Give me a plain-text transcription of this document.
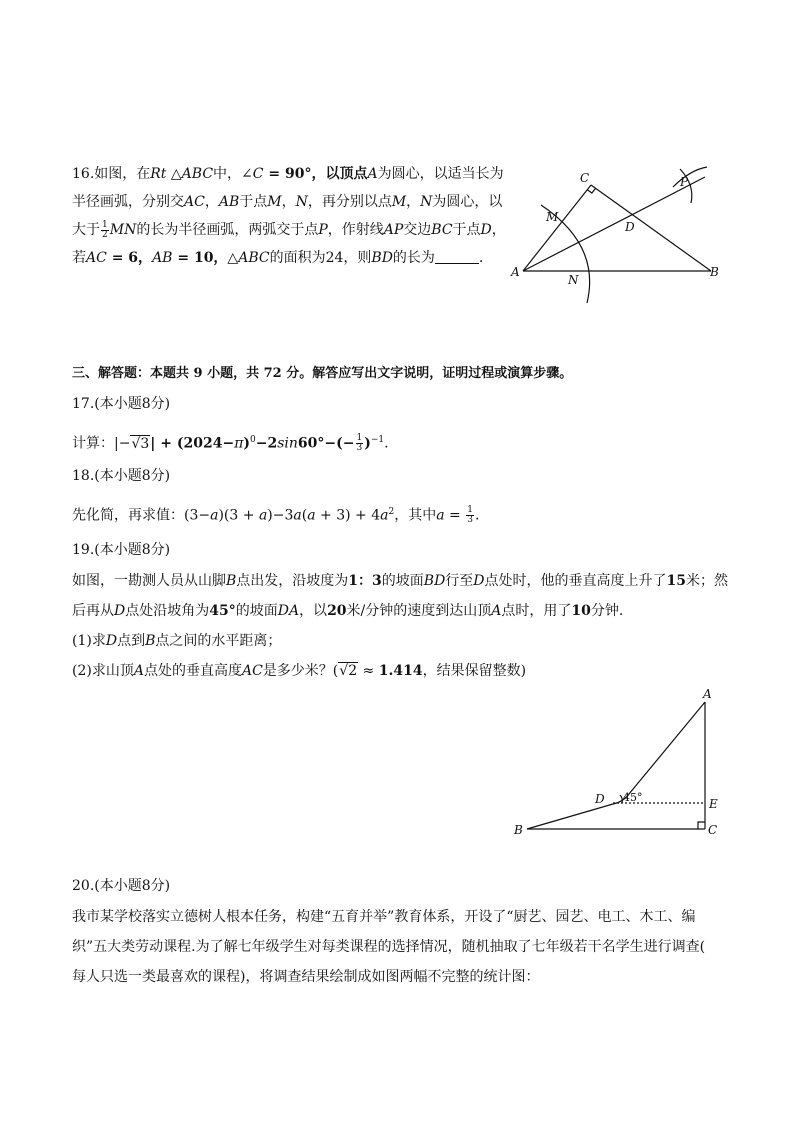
16.如图，在Rt △ABC中，∠C = 90°，以顶点A为圆心，以适当长为

半径画弧，分别交AC，AB于点M，N，再分别以点M，N为圆心，以

大于 $\frac{1}{2}$ MN的长为半径画弧，两弧交于点P，作射线AP交边BC于点D，

若AC = 6，AB = 10，△ABC的面积为24，则BD的长为	.

A	B
C
D
M
N
P
三、解答题：本题共 9 小题，共 72 分。解答应写出文字说明，证明过程或演算步骤。
17.(本小题8分)
计算：$|-√3| + (2024-\pi)^0-2\sin 60^\circ-(- \frac{1}{3} )^{-1}$.
18.(本小题8分)
先化简，再求值：$(3-a)(3 + a)-3a(a + 3) + 4a^2$，其中$a = \frac{1}{3}$ .
19.(本小题8分)

如图，一勘测人员从山脚B点出发，沿坡度为1：3的坡面BD行至D点处时，他的垂直高度上升了15米；然

后再从D点处沿坡角为45°的坡面DA，以20米/分钟的速度到达山顶A点时，用了10分钟.

(1)求D点到B点之间的水平距离；

(2)求山顶A点处的垂直高度AC是多少米？(√2 ≈ 1.414，结果保留整数)

A
B	C
D	E
45°
20.(本小题8分)

我市某学校落实立德树人根本任务，构建“五育并举”教育体系，开设了“厨艺、园艺、电工、木工、编

织”五大类劳动课程.为了解七年级学生对每类课程的选择情况，随机抽取了七年级若干名学生进行调查(

每人只选一类最喜欢的课程)，将调查结果绘制成如图两幅不完整的统计图：
